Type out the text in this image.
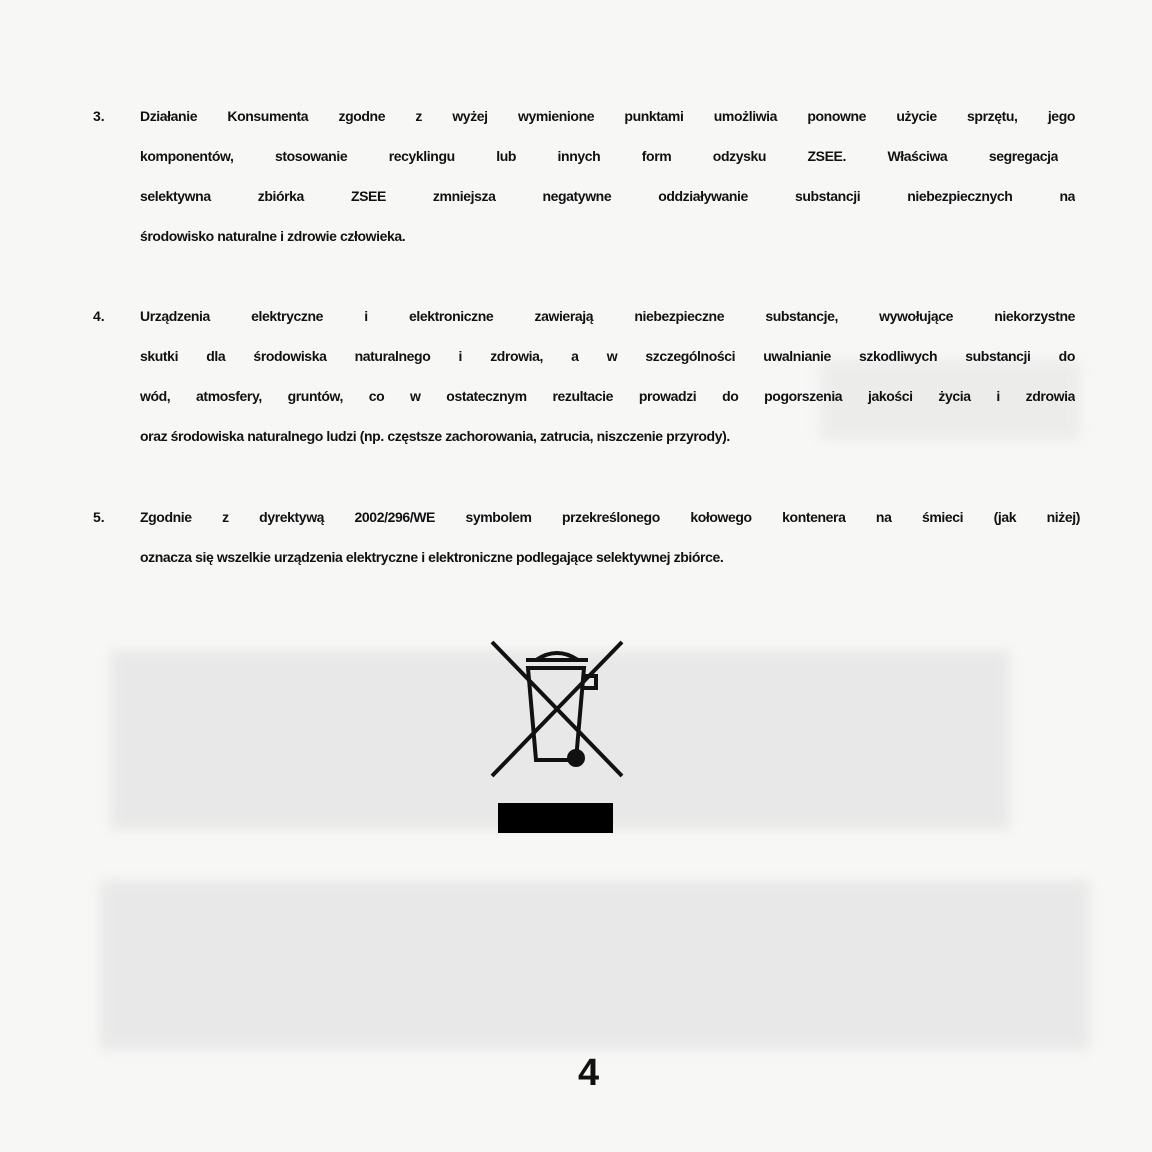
3.	Działanie Konsumenta zgodne z wyżej wymienione punktami umożliwia ponowne użycie sprzętu, jego
komponentów, stosowanie recyklingu lub innych form odzysku ZSEE. Właściwa segregacja
selektywna zbiórka ZSEE zmniejsza negatywne oddziaływanie substancji niebezpiecznych na
środowisko naturalne i zdrowie człowieka.
4.	Urządzenia elektryczne i elektroniczne zawierają niebezpieczne substancje, wywołujące niekorzystne
skutki dla środowiska naturalnego i zdrowia, a w szczególności uwalnianie szkodliwych substancji do
wód, atmosfery, gruntów, co w ostatecznym rezultacie prowadzi do pogorszenia jakości życia i zdrowia
oraz środowiska naturalnego ludzi (np. częstsze zachorowania, zatrucia, niszczenie przyrody).
5.	Zgodnie z dyrektywą 2002/296/WE symbolem przekreślonego kołowego kontenera na śmieci (jak niżej)
oznacza się wszelkie urządzenia elektryczne i elektroniczne podlegające selektywnej zbiórce.
4
